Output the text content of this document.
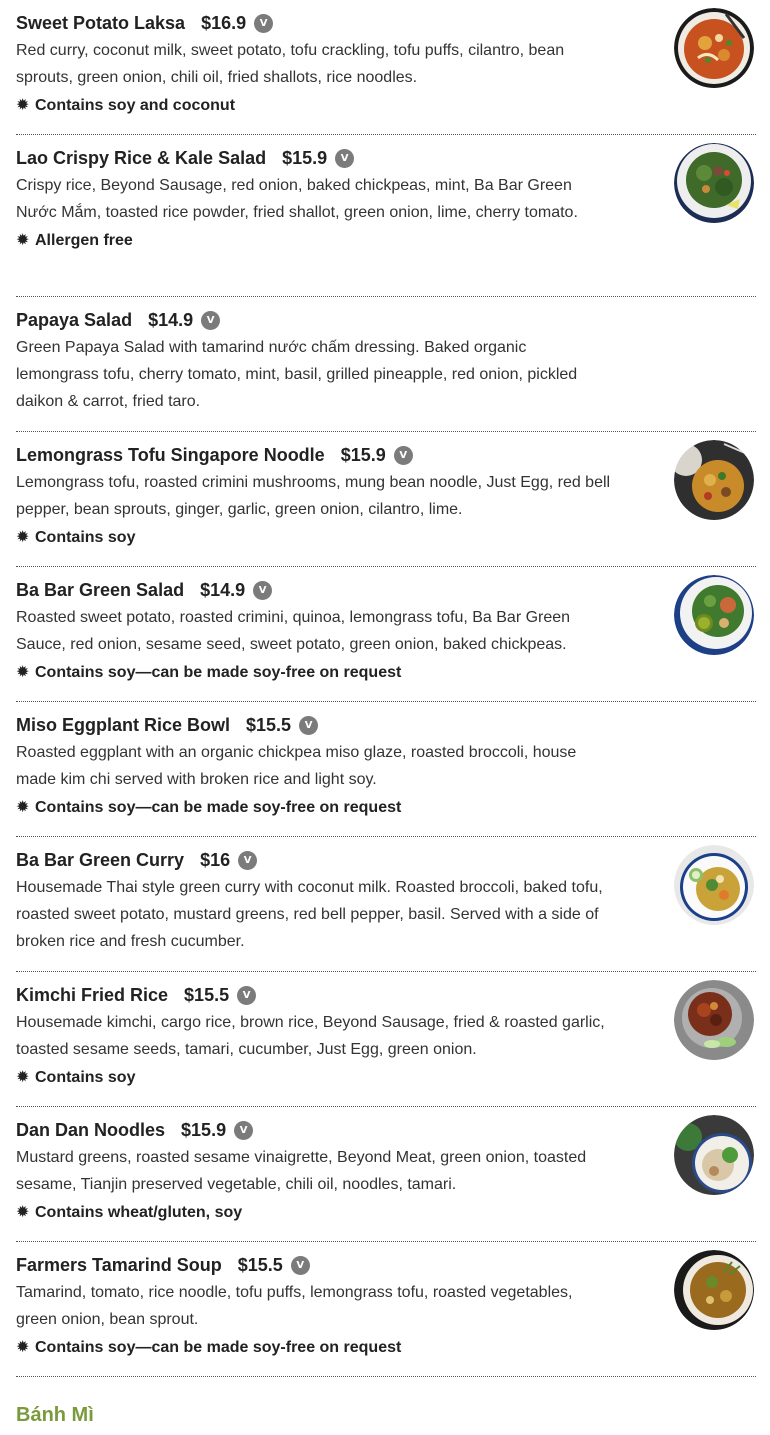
Sweet Potato Laksa $16.9	V
Red curry, coconut milk, sweet potato, tofu crackling, tofu puffs, cilantro, bean sprouts, green onion, chili oil, fried shallots, rice noodles.
✹ Contains soy and coconut
Lao Crispy Rice & Kale Salad $15.9	V
Crispy rice, Beyond Sausage, red onion, baked chickpeas, mint, Ba Bar Green Nước Mắm, toasted rice powder, fried shallot, green onion, lime, cherry tomato.
✹ Allergen free
Papaya Salad $14.9	V
Green Papaya Salad with tamarind nước chấm dressing. Baked organic lemongrass tofu, cherry tomato, mint, basil, grilled pineapple, red onion, pickled daikon & carrot, fried taro.
Lemongrass Tofu Singapore Noodle $15.9	V
Lemongrass tofu, roasted crimini mushrooms, mung bean noodle, Just Egg, red bell pepper, bean sprouts, ginger, garlic, green onion, cilantro, lime.
✹ Contains soy
Ba Bar Green Salad $14.9	V
Roasted sweet potato, roasted crimini, quinoa, lemongrass tofu, Ba Bar Green Sauce, red onion, sesame seed, sweet potato, green onion, baked chickpeas.
✹ Contains soy—can be made soy-free on request
Miso Eggplant Rice Bowl $15.5	V
Roasted eggplant with an organic chickpea miso glaze, roasted broccoli, house made kim chi served with broken rice and light soy.
✹ Contains soy—can be made soy-free on request
Ba Bar Green Curry $16	V
Housemade Thai style green curry with coconut milk. Roasted broccoli, baked tofu, roasted sweet potato, mustard greens, red bell pepper, basil. Served with a side of broken rice and fresh cucumber.
Kimchi Fried Rice $15.5	V
Housemade kimchi, cargo rice, brown rice, Beyond Sausage, fried & roasted garlic, toasted sesame seeds, tamari, cucumber, Just Egg, green onion.
✹ Contains soy
Dan Dan Noodles $15.9	V
Mustard greens, roasted sesame vinaigrette, Beyond Meat, green onion, toasted sesame, Tianjin preserved vegetable, chili oil, noodles, tamari.
✹ Contains wheat/gluten, soy
Farmers Tamarind Soup $15.5	V
Tamarind, tomato, rice noodle, tofu puffs, lemongrass tofu, roasted vegetables, green onion, bean sprout.
✹ Contains soy—can be made soy-free on request
Bánh Mì
